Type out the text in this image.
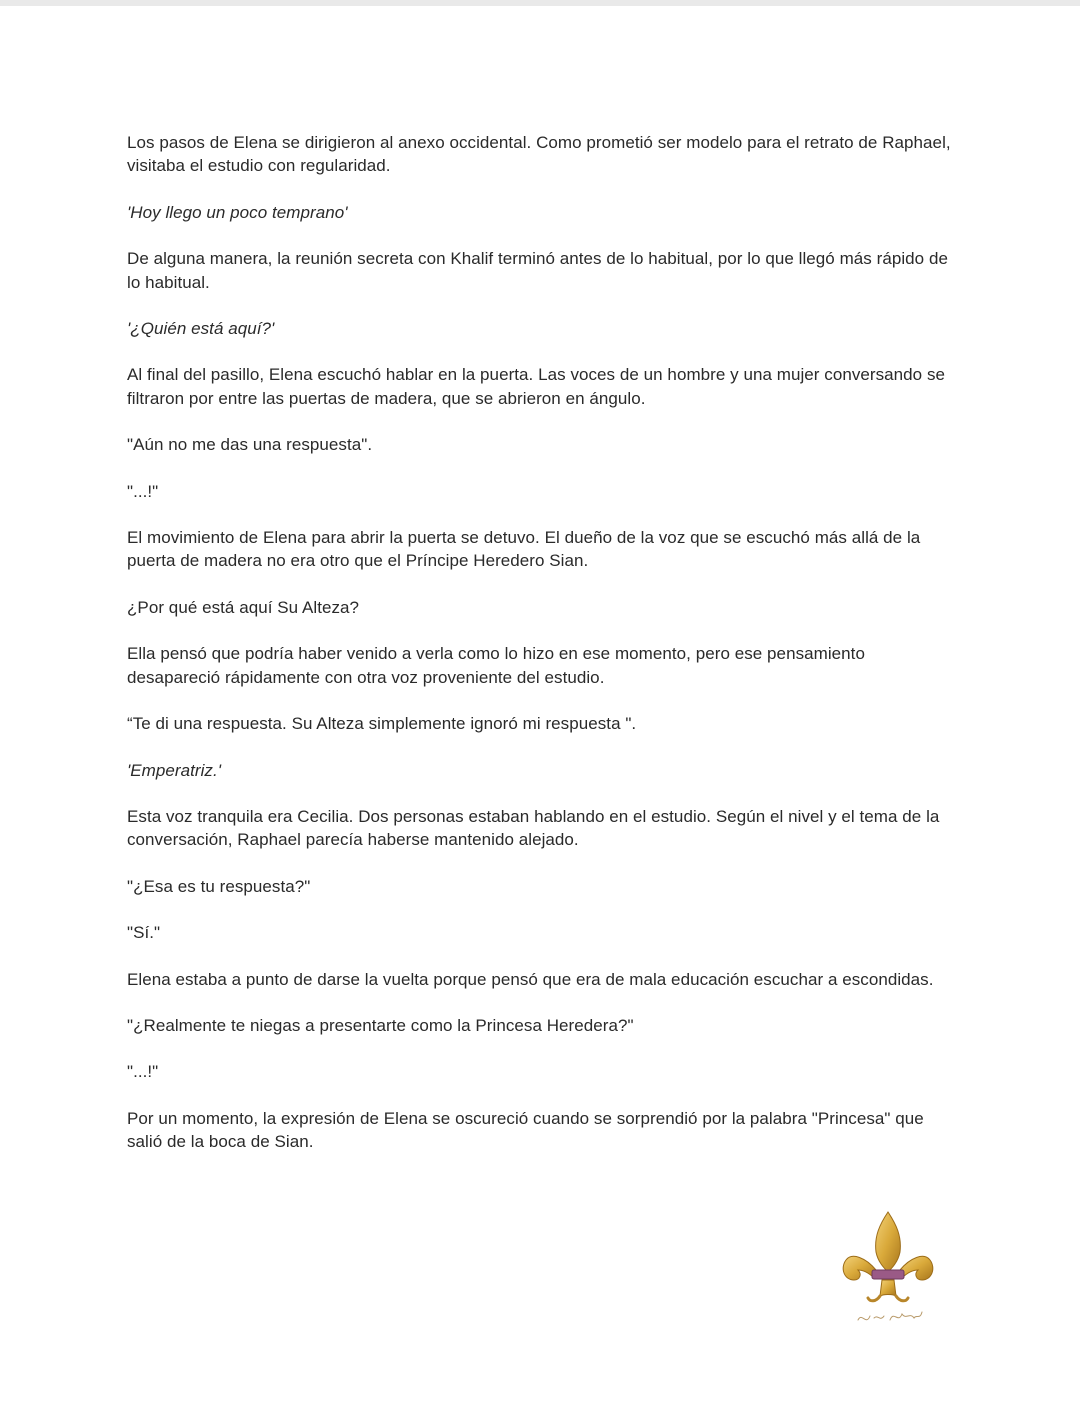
Los pasos de Elena se dirigieron al anexo occidental. Como prometió ser modelo para el retrato de Raphael, visitaba el estudio con regularidad.

'Hoy llego un poco temprano'

De alguna manera, la reunión secreta con Khalif terminó antes de lo habitual, por lo que llegó más rápido de lo habitual.

'¿Quién está aquí?'

Al final del pasillo, Elena escuchó hablar en la puerta. Las voces de un hombre y una mujer conversando se filtraron por entre las puertas de madera, que se abrieron en ángulo.

"Aún no me das una respuesta".

"...!"

El movimiento de Elena para abrir la puerta se detuvo. El dueño de la voz que se escuchó más allá de la puerta de madera no era otro que el Príncipe Heredero Sian.

¿Por qué está aquí Su Alteza?

Ella pensó que podría haber venido a verla como lo hizo en ese momento, pero ese pensamiento desapareció rápidamente con otra voz proveniente del estudio.

“Te di una respuesta. Su Alteza simplemente ignoró mi respuesta ".

'Emperatriz.'

Esta voz tranquila era Cecilia. Dos personas estaban hablando en el estudio. Según el nivel y el tema de la conversación, Raphael parecía haberse mantenido alejado.

"¿Esa es tu respuesta?"

"Sí."

Elena estaba a punto de darse la vuelta porque pensó que era de mala educación escuchar a escondidas.

"¿Realmente te niegas a presentarte como la Princesa Heredera?"

"...!"

Por un momento, la expresión de Elena se oscureció cuando se sorprendió por la palabra "Princesa" que salió de la boca de Sian.
